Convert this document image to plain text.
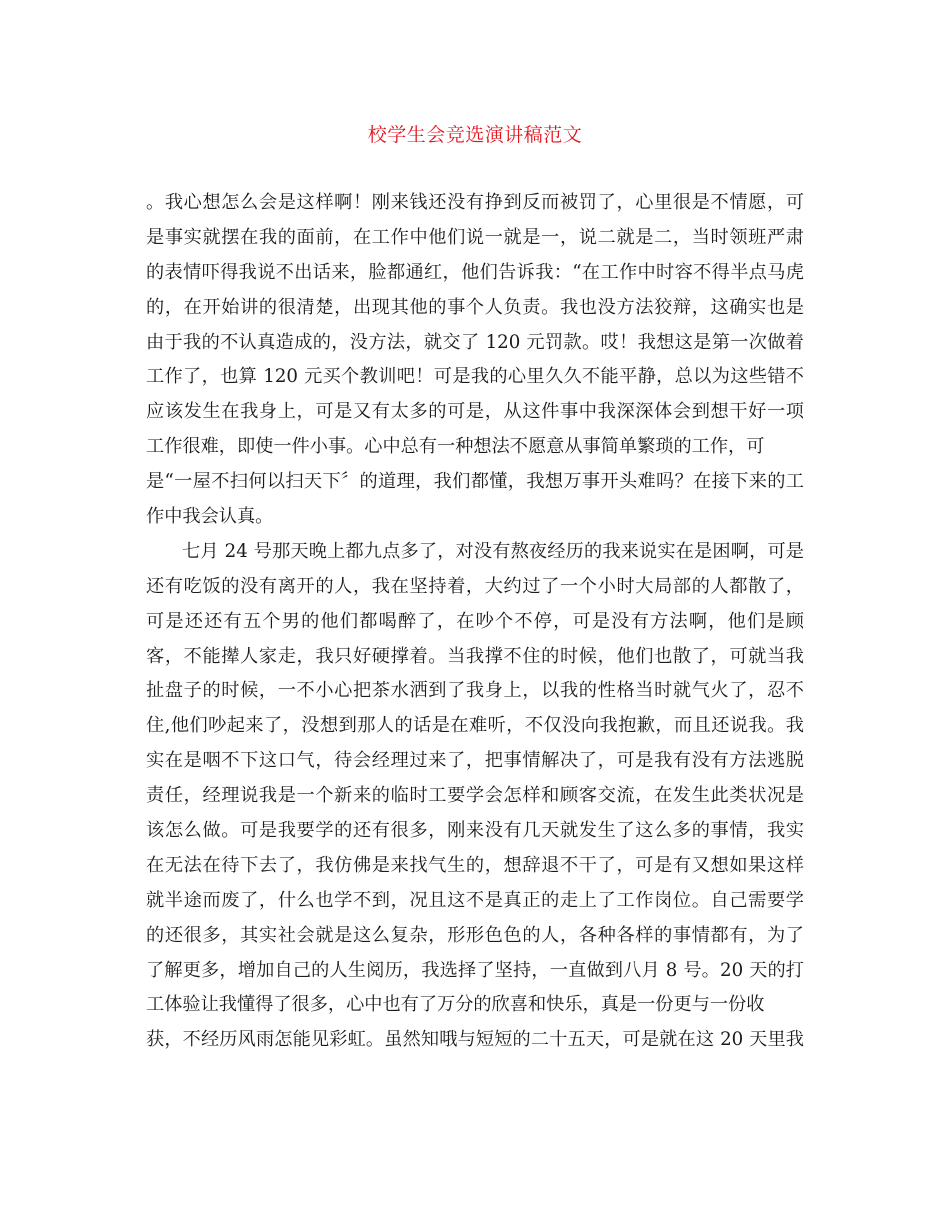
校学生会竞选演讲稿范文
。我心想怎么会是这样啊！刚来钱还没有挣到反而被罚了，心里很是不情愿，可
是事实就摆在我的面前，在工作中他们说一就是一，说二就是二，当时领班严肃
的表情吓得我说不出话来，脸都通红，他们告诉我：“在工作中时容不得半点马虎
的，在开始讲的很清楚，出现其他的事个人负责。我也没方法狡辩，这确实也是
由于我的不认真造成的，没方法，就交了 120 元罚款。哎！我想这是第一次做着
工作了，也算 120 元买个教训吧！可是我的心里久久不能平静，总以为这些错不
应该发生在我身上，可是又有太多的可是，从这件事中我深深体会到想干好一项
工作很难，即使一件小事。心中总有一种想法不愿意从事简单繁琐的工作，可
是“一屋不扫何以扫天下〞的道理，我们都懂，我想万事开头难吗？在接下来的工
作中我会认真。
七月 24 号那天晚上都九点多了，对没有熬夜经历的我来说实在是困啊，可是
还有吃饭的没有离开的人，我在坚持着，大约过了一个小时大局部的人都散了，
可是还还有五个男的他们都喝醉了，在吵个不停，可是没有方法啊，他们是顾
客，不能撵人家走，我只好硬撑着。当我撑不住的时候，他们也散了，可就当我
扯盘子的时候，一不小心把茶水洒到了我身上，以我的性格当时就气火了，忍不
住,他们吵起来了，没想到那人的话是在难听，不仅没向我抱歉，而且还说我。我
实在是咽不下这口气，待会经理过来了，把事情解决了，可是我有没有方法逃脱
责任，经理说我是一个新来的临时工要学会怎样和顾客交流，在发生此类状况是
该怎么做。可是我要学的还有很多，刚来没有几天就发生了这么多的事情，我实
在无法在待下去了，我仿佛是来找气生的，想辞退不干了，可是有又想如果这样
就半途而废了，什么也学不到，况且这不是真正的走上了工作岗位。自己需要学
的还很多，其实社会就是这么复杂，形形色色的人，各种各样的事情都有，为了
了解更多，增加自己的人生阅历，我选择了坚持，一直做到八月 8 号。20 天的打
工体验让我懂得了很多，心中也有了万分的欣喜和快乐，真是一份更与一份收
获，不经历风雨怎能见彩虹。虽然知哦与短短的二十五天，可是就在这 20 天里我
